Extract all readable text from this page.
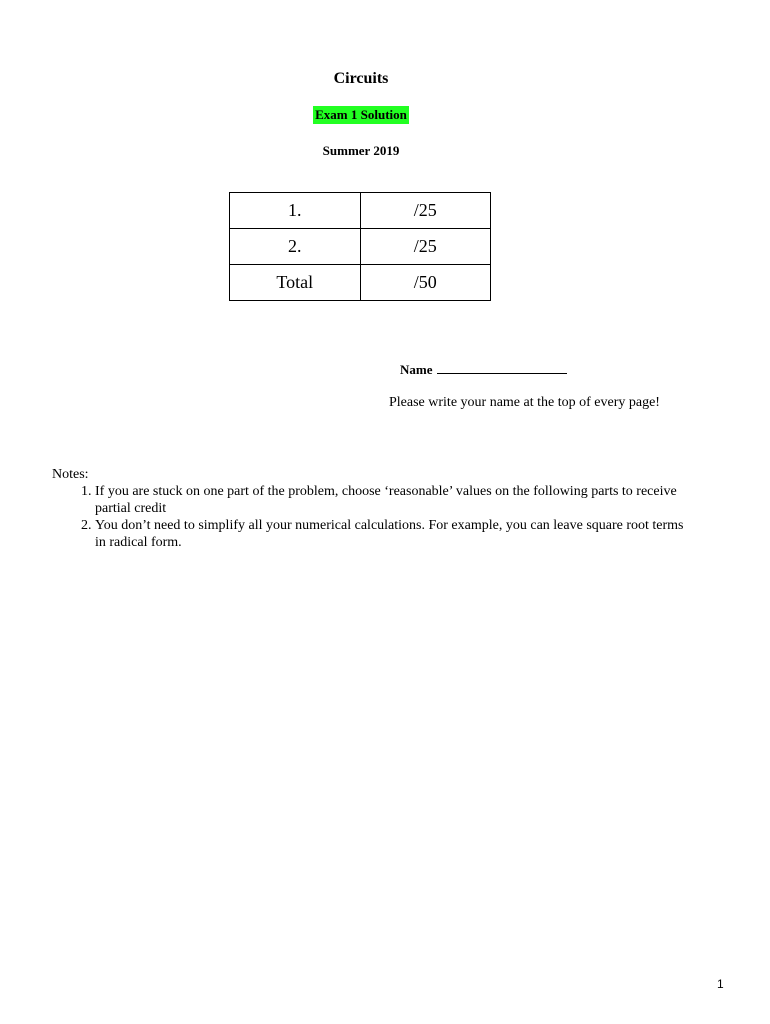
Circuits
Exam 1 Solution
Summer 2019
1.	/25
2.	/25
Total	/50
Name
Please write your name at the top of every page!
Notes:
1. If you are stuck on one part of the problem, choose ‘reasonable’ values on the following parts to receive partial credit
2. You don’t need to simplify all your numerical calculations. For example, you can leave square root terms in radical form.
1
